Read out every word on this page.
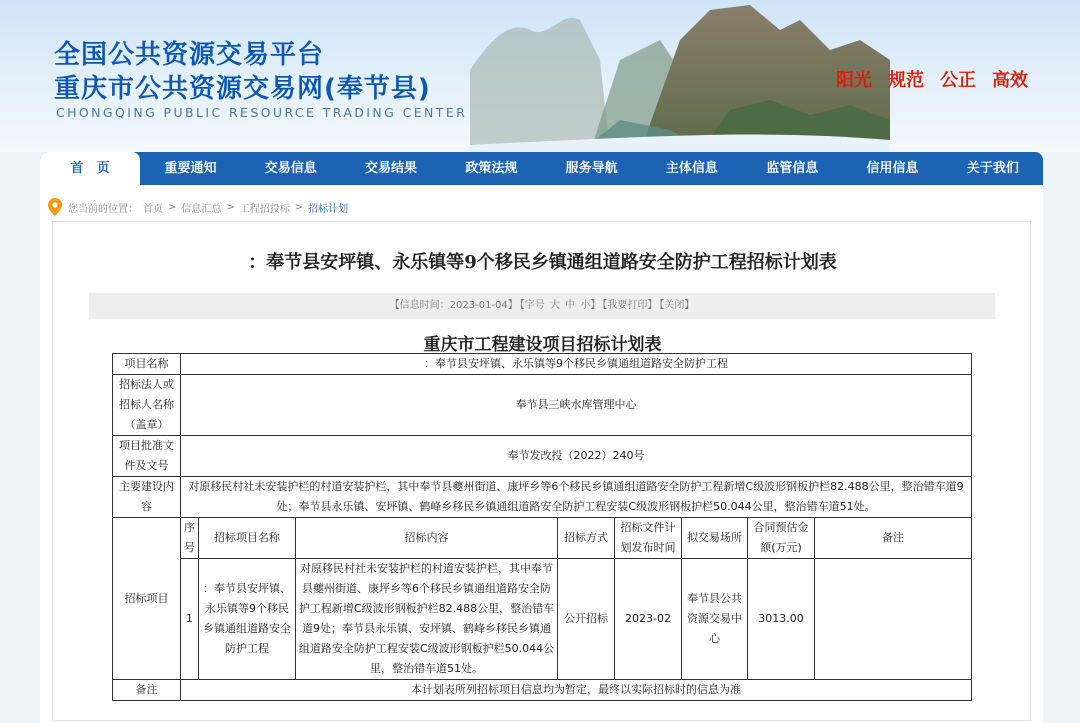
全国公共资源交易平台
重庆市公共资源交易网(奉节县)
CHONGQING PUBLIC RESOURCE TRADING CENTER
阳光 规范 公正 高效
首　页	重要通知	交易信息	交易结果	政策法规	服务导航	主体信息	监管信息	信用信息	关于我们
您当前的位置： 首页 > 信息汇总 > 工程招投标 > 招标计划
：奉节县安坪镇、永乐镇等9个移民乡镇通组道路安全防护工程招标计划表
【信息时间：2023-01-04】 【字号 大 中 小】 【我要打印】 【关闭】
重庆市工程建设项目招标计划表
项目名称	：奉节县安坪镇、永乐镇等9个移民乡镇通组道路安全防护工程							
招标法人或招标人名称（盖章）	奉节县三峡水库管理中心							
项目批准文件及文号	奉节发改投（2022）240号							
主要建设内容	对原移民村社未安装护栏的村道安装护栏，其中奉节县夔州街道、康坪乡等6个移民乡镇通组道路安全防护工程新增C级波形钢板护栏82.488公里，整治错车道9处；奉节县永乐镇、安坪镇、鹤峰乡移民乡镇通组道路安全防护工程安装C级波形钢板护栏50.044公里，整治错车道51处。							
招标项目	序号	招标项目名称	招标内容	招标方式	招标文件计划发布时间	拟交易场所	合同预估金额(万元)	备注
	1	：奉节县安坪镇、永乐镇等9个移民乡镇通组道路安全防护工程	对原移民村社未安装护栏的村道安装护栏，其中奉节县夔州街道、康坪乡等6个移民乡镇通组道路安全防护工程新增C级波形钢板护栏82.488公里，整治错车道9处；奉节县永乐镇、安坪镇、鹤峰乡移民乡镇通组道路安全防护工程安装C级波形钢板护栏50.044公里，整治错车道51处。	公开招标	2023-02	奉节县公共资源交易中心	3013.00	
备注	本计划表所列招标项目信息均为暂定，最终以实际招标时的信息为准							
